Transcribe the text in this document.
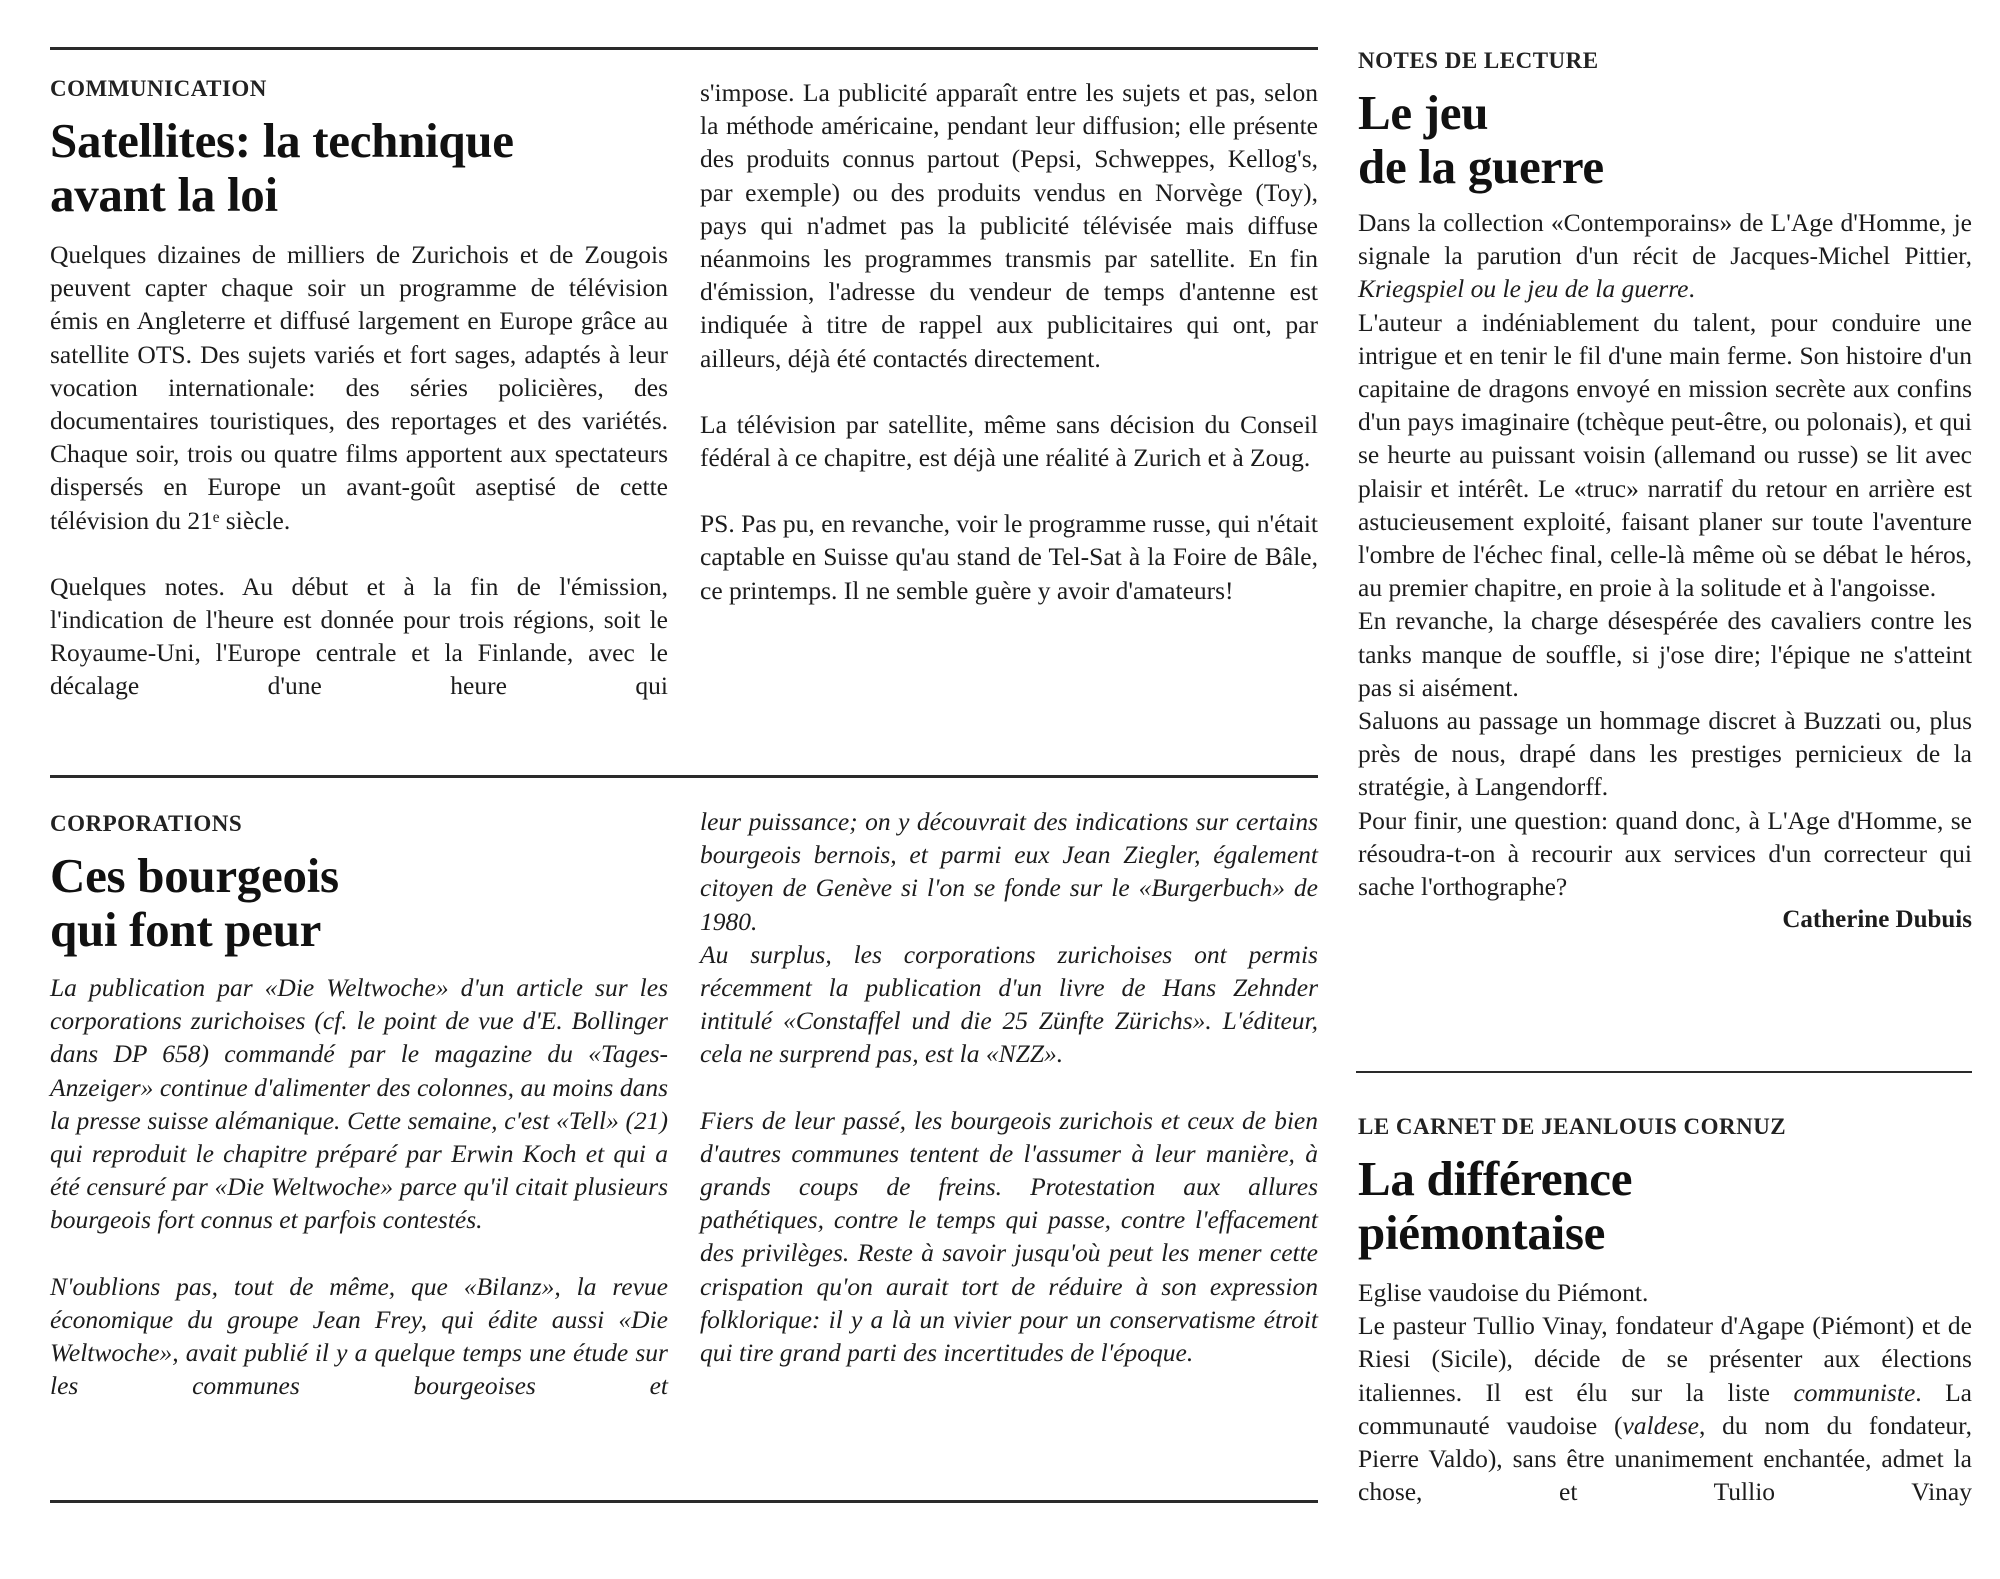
COMMUNICATION
Satellites: la technique
avant la loi

Quelques dizaines de milliers de Zurichois et de Zougois peuvent capter chaque soir un programme de télévision émis en Angleterre et diffusé largement en Europe grâce au satellite OTS. Des sujets variés et fort sages, adaptés à leur vocation internationale: des séries policières, des documentaires touristiques, des reportages et des variétés. Chaque soir, trois ou quatre films apportent aux spectateurs dispersés en Europe un avant-goût aseptisé de cette télévision du 21ᵉ siècle.

Quelques notes. Au début et à la fin de l'émission, l'indication de l'heure est donnée pour trois régions, soit le Royaume-Uni, l'Europe centrale et la Finlande, avec le décalage d'une heure qui

s'impose. La publicité apparaît entre les sujets et pas, selon la méthode américaine, pendant leur diffusion; elle présente des produits connus partout (Pepsi, Schweppes, Kellog's, par exemple) ou des produits vendus en Norvège (Toy), pays qui n'admet pas la publicité télévisée mais diffuse néanmoins les programmes transmis par satellite. En fin d'émission, l'adresse du vendeur de temps d'antenne est indiquée à titre de rappel aux publicitaires qui ont, par ailleurs, déjà été contactés directement.

La télévision par satellite, même sans décision du Conseil fédéral à ce chapitre, est déjà une réalité à Zurich et à Zoug.

PS. Pas pu, en revanche, voir le programme russe, qui n'était captable en Suisse qu'au stand de Tel-Sat à la Foire de Bâle, ce printemps. Il ne semble guère y avoir d'amateurs!

CORPORATIONS
Ces bourgeois
qui font peur

La publication par «Die Weltwoche» d'un article sur les corporations zurichoises (cf. le point de vue d'E. Bollinger dans DP 658) commandé par le magazine du «Tages-Anzeiger» continue d'alimenter des colonnes, au moins dans la presse suisse alémanique. Cette semaine, c'est «Tell» (21) qui reproduit le chapitre préparé par Erwin Koch et qui a été censuré par «Die Weltwoche» parce qu'il citait plusieurs bourgeois fort connus et parfois contestés.

N'oublions pas, tout de même, que «Bilanz», la revue économique du groupe Jean Frey, qui édite aussi «Die Weltwoche», avait publié il y a quelque temps une étude sur les communes bourgeoises et

leur puissance; on y découvrait des indications sur certains bourgeois bernois, et parmi eux Jean Ziegler, également citoyen de Genève si l'on se fonde sur le «Burgerbuch» de 1980.

Au surplus, les corporations zurichoises ont permis récemment la publication d'un livre de Hans Zehnder intitulé «Constaffel und die 25 Zünfte Zürichs». L'éditeur, cela ne surprend pas, est la «NZZ».

Fiers de leur passé, les bourgeois zurichois et ceux de bien d'autres communes tentent de l'assumer à leur manière, à grands coups de freins. Protestation aux allures pathétiques, contre le temps qui passe, contre l'effacement des privilèges. Reste à savoir jusqu'où peut les mener cette crispation qu'on aurait tort de réduire à son expression folklorique: il y a là un vivier pour un conservatisme étroit qui tire grand parti des incertitudes de l'époque.

NOTES DE LECTURE
Le jeu
de la guerre

Dans la collection «Contemporains» de L'Age d'Homme, je signale la parution d'un récit de Jacques-Michel Pittier, Kriegspiel ou le jeu de la guerre.

L'auteur a indéniablement du talent, pour conduire une intrigue et en tenir le fil d'une main ferme. Son histoire d'un capitaine de dragons envoyé en mission secrète aux confins d'un pays imaginaire (tchèque peut-être, ou polonais), et qui se heurte au puissant voisin (allemand ou russe) se lit avec plaisir et intérêt. Le «truc» narratif du retour en arrière est astucieusement exploité, faisant planer sur toute l'aventure l'ombre de l'échec final, celle-là même où se débat le héros, au premier chapitre, en proie à la solitude et à l'angoisse.

En revanche, la charge désespérée des cavaliers contre les tanks manque de souffle, si j'ose dire; l'épique ne s'atteint pas si aisément.

Saluons au passage un hommage discret à Buzzati ou, plus près de nous, drapé dans les prestiges pernicieux de la stratégie, à Langendorff.

Pour finir, une question: quand donc, à L'Age d'Homme, se résoudra-t-on à recourir aux services d'un correcteur qui sache l'orthographe?

Catherine Dubuis
LE CARNET DE JEANLOUIS CORNUZ
La différence
piémontaise

Eglise vaudoise du Piémont.

Le pasteur Tullio Vinay, fondateur d'Agape (Piémont) et de Riesi (Sicile), décide de se présenter aux élections italiennes. Il est élu sur la liste communiste. La communauté vaudoise (valdese, du nom du fondateur, Pierre Valdo), sans être unanimement enchantée, admet la chose, et Tullio Vinay
